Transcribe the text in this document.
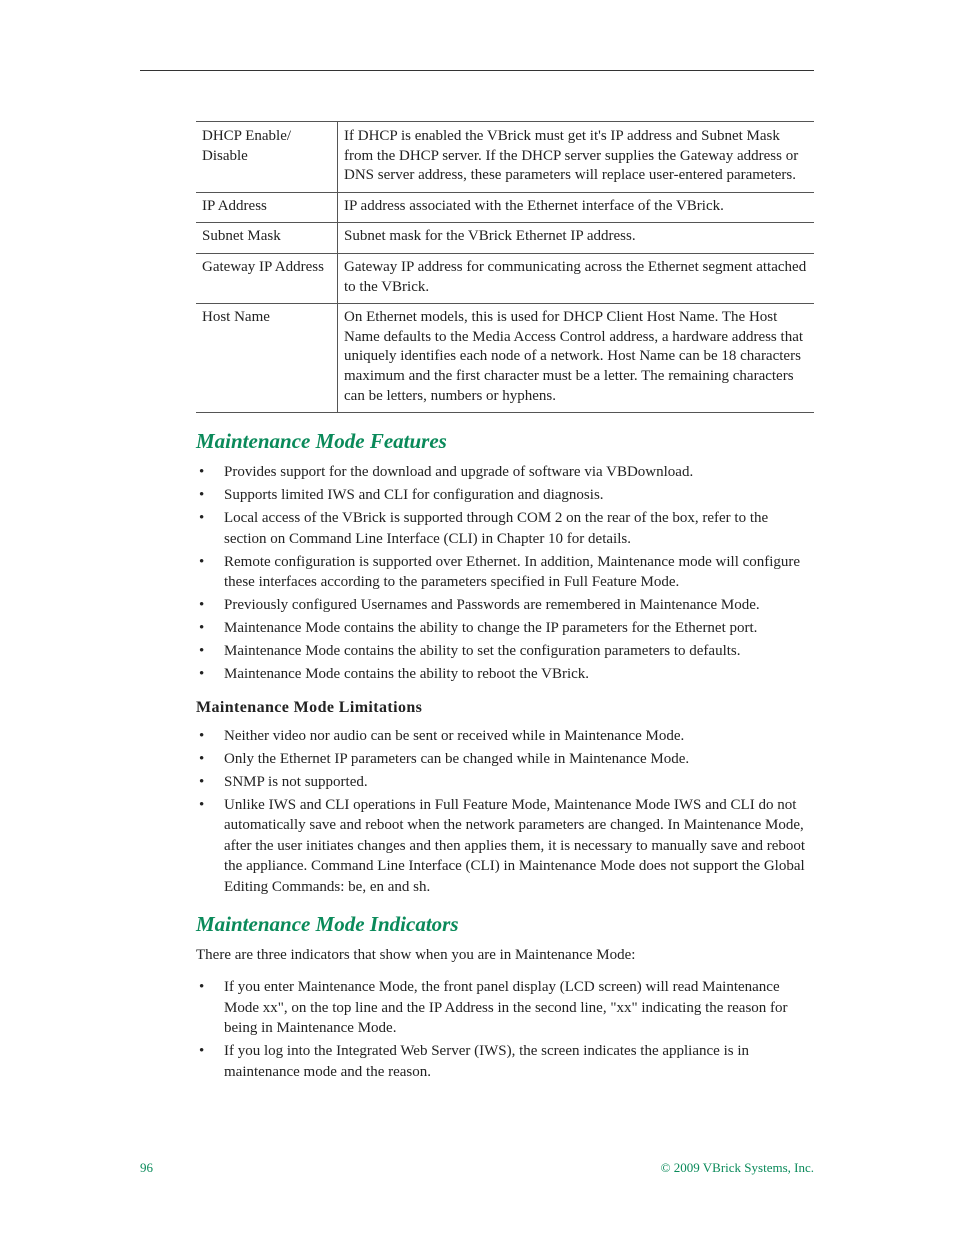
DHCP Enable/ Disable	If DHCP is enabled the VBrick must get it's IP address and Subnet Mask from the DHCP server. If the DHCP server supplies the Gateway address or DNS server address, these parameters will replace user-entered parameters.
IP Address	IP address associated with the Ethernet interface of the VBrick.
Subnet Mask	Subnet mask for the VBrick Ethernet IP address.
Gateway IP Address	Gateway IP address for communicating across the Ethernet segment attached to the VBrick.
Host Name	On Ethernet models, this is used for DHCP Client Host Name. The Host Name defaults to the Media Access Control address, a hardware address that uniquely identifies each node of a network. Host Name can be 18 characters maximum and the first character must be a letter. The remaining characters can be letters, numbers or hyphens.
Maintenance Mode Features
• Provides support for the download and upgrade of software via VBDownload.
• Supports limited IWS and CLI for configuration and diagnosis.
• Local access of the VBrick is supported through COM 2 on the rear of the box, refer to the section on Command Line Interface (CLI) in Chapter 10 for details.
• Remote configuration is supported over Ethernet. In addition, Maintenance mode will configure these interfaces according to the parameters specified in Full Feature Mode.
• Previously configured Usernames and Passwords are remembered in Maintenance Mode.
• Maintenance Mode contains the ability to change the IP parameters for the Ethernet port.
• Maintenance Mode contains the ability to set the configuration parameters to defaults.
• Maintenance Mode contains the ability to reboot the VBrick.
Maintenance Mode Limitations
• Neither video nor audio can be sent or received while in Maintenance Mode.
• Only the Ethernet IP parameters can be changed while in Maintenance Mode.
• SNMP is not supported.
• Unlike IWS and CLI operations in Full Feature Mode, Maintenance Mode IWS and CLI do not automatically save and reboot when the network parameters are changed. In Maintenance Mode, after the user initiates changes and then applies them, it is necessary to manually save and reboot the appliance. Command Line Interface (CLI) in Maintenance Mode does not support the Global Editing Commands: be, en and sh.
Maintenance Mode Indicators

There are three indicators that show when you are in Maintenance Mode:

• If you enter Maintenance Mode, the front panel display (LCD screen) will read Maintenance Mode xx", on the top line and the IP Address in the second line, "xx" indicating the reason for being in Maintenance Mode.
• If you log into the Integrated Web Server (IWS), the screen indicates the appliance is in maintenance mode and the reason.
96	© 2009 VBrick Systems, Inc.
